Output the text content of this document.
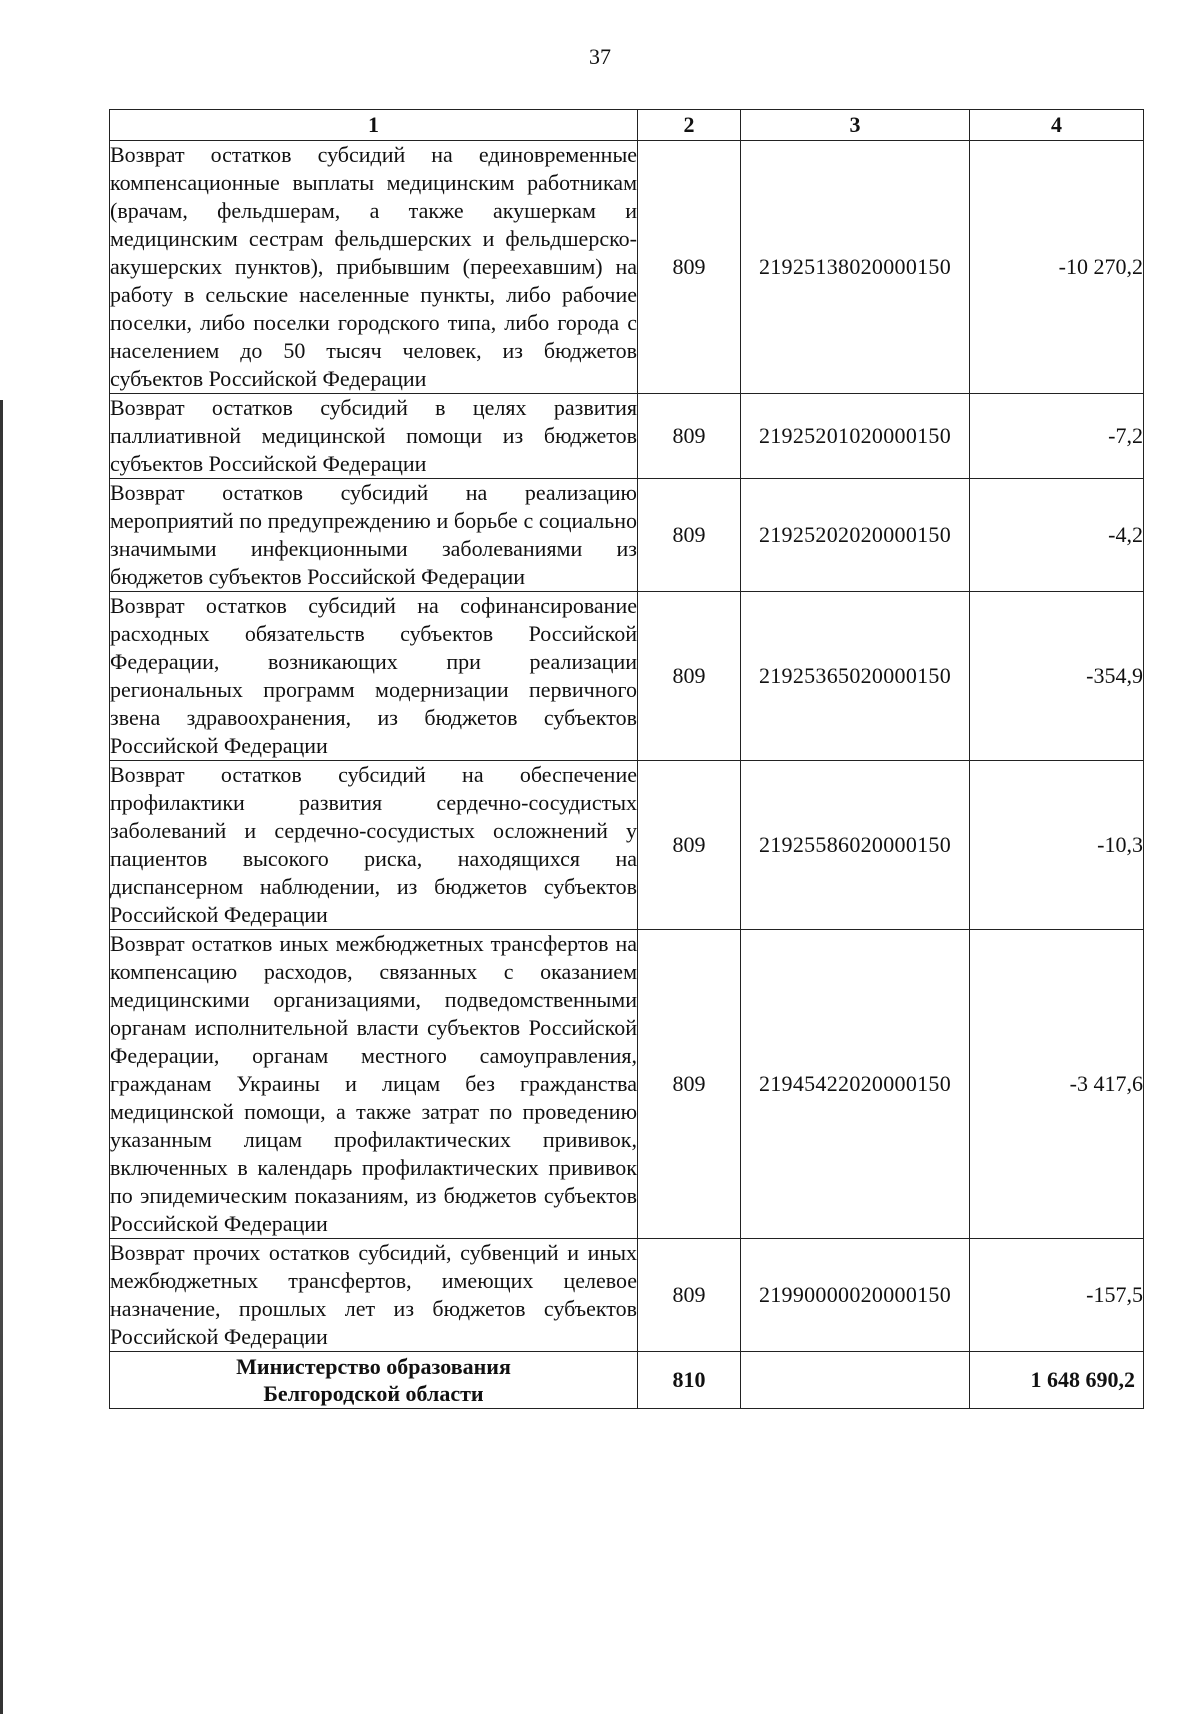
37
1	2	3	4
Возврат остатков субсидий на единовременные компенсационные выплаты медицинским работникам (врачам, фельдшерам, а также акушеркам и медицинским сестрам фельдшерских и фельдшерско-акушерских пунктов), прибывшим (переехавшим) на работу в сельские населенные пункты, либо рабочие поселки, либо поселки городского типа, либо города с населением до 50 тысяч человек, из бюджетов субъектов Российской Федерации	809	21925138020000150	-10 270,2
Возврат остатков субсидий в целях развития паллиативной медицинской помощи из бюджетов субъектов Российской Федерации	809	21925201020000150	-7,2
Возврат остатков субсидий на реализацию мероприятий по предупреждению и борьбе с социально значимыми инфекционными заболеваниями из бюджетов субъектов Российской Федерации	809	21925202020000150	-4,2
Возврат остатков субсидий на софинансирование расходных обязательств субъектов Российской Федерации, возникающих при реализации региональных программ модернизации первичного звена здравоохранения, из бюджетов субъектов Российской Федерации	809	21925365020000150	-354,9
Возврат остатков субсидий на обеспечение профилактики развития сердечно-сосудистых заболеваний и сердечно-сосудистых осложнений у пациентов высокого риска, находящихся на диспансерном наблюдении, из бюджетов субъектов Российской Федерации	809	21925586020000150	-10,3
Возврат остатков иных межбюджетных трансфертов на компенсацию расходов, связанных с оказанием медицинскими организациями, подведомственными органам исполнительной власти субъектов Российской Федерации, органам местного самоуправления, гражданам Украины и лицам без гражданства медицинской помощи, а также затрат по проведению указанным лицам профилактических прививок, включенных в календарь профилактических прививок по эпидемическим показаниям, из бюджетов субъектов Российской Федерации	809	21945422020000150	-3 417,6
Возврат прочих остатков субсидий, субвенций и иных межбюджетных трансфертов, имеющих целевое назначение, прошлых лет из бюджетов субъектов Российской Федерации	809	21990000020000150	-157,5
Министерство образования
Белгородской области	810		1 648 690,2
